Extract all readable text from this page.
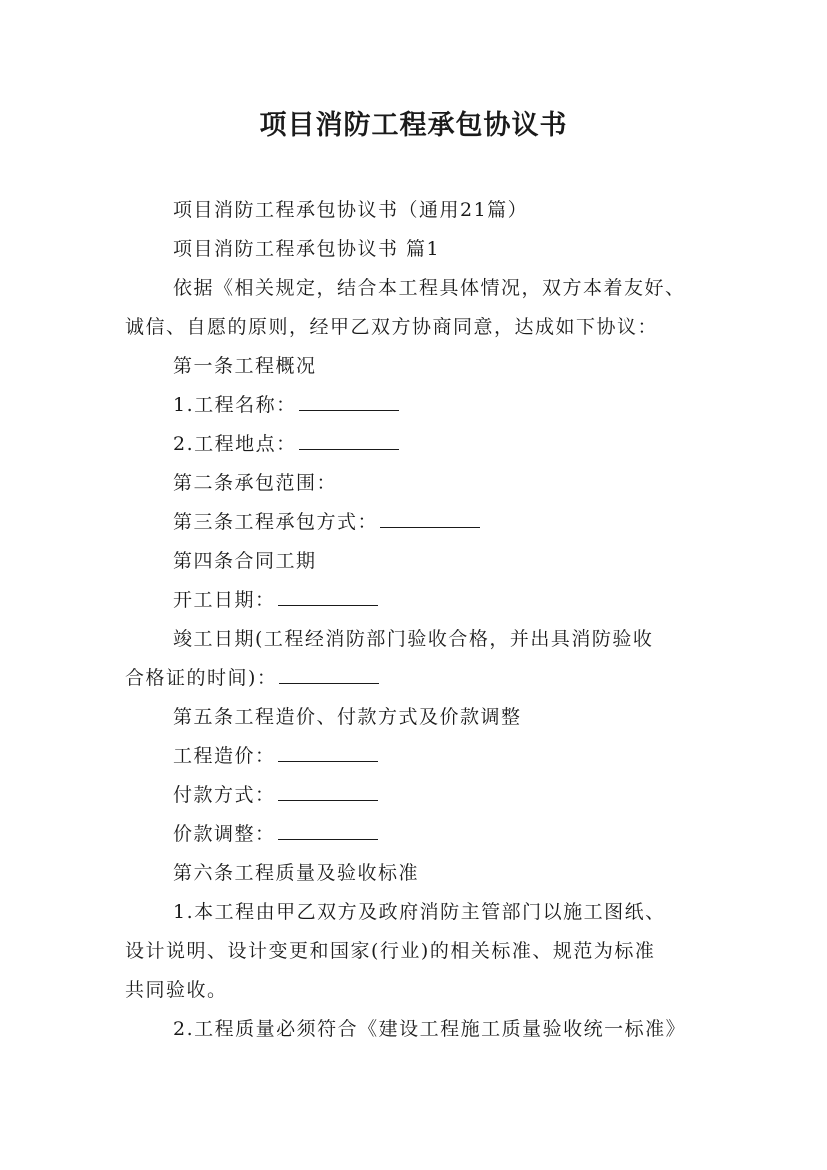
项目消防工程承包协议书

项目消防工程承包协议书（通用21篇）

项目消防工程承包协议书 篇1

依据《相关规定，结合本工程具体情况，双方本着友好、

诚信、自愿的原则，经甲乙双方协商同意，达成如下协议：

第一条工程概况

1.工程名称：

2.工程地点：

第二条承包范围：

第三条工程承包方式：

第四条合同工期

开工日期：

竣工日期(工程经消防部门验收合格，并出具消防验收

合格证的时间)：

第五条工程造价、付款方式及价款调整

工程造价：

付款方式：

价款调整：

第六条工程质量及验收标准

1.本工程由甲乙双方及政府消防主管部门以施工图纸、

设计说明、设计变更和国家(行业)的相关标准、规范为标准

共同验收。

2.工程质量必须符合《建设工程施工质量验收统一标准》
